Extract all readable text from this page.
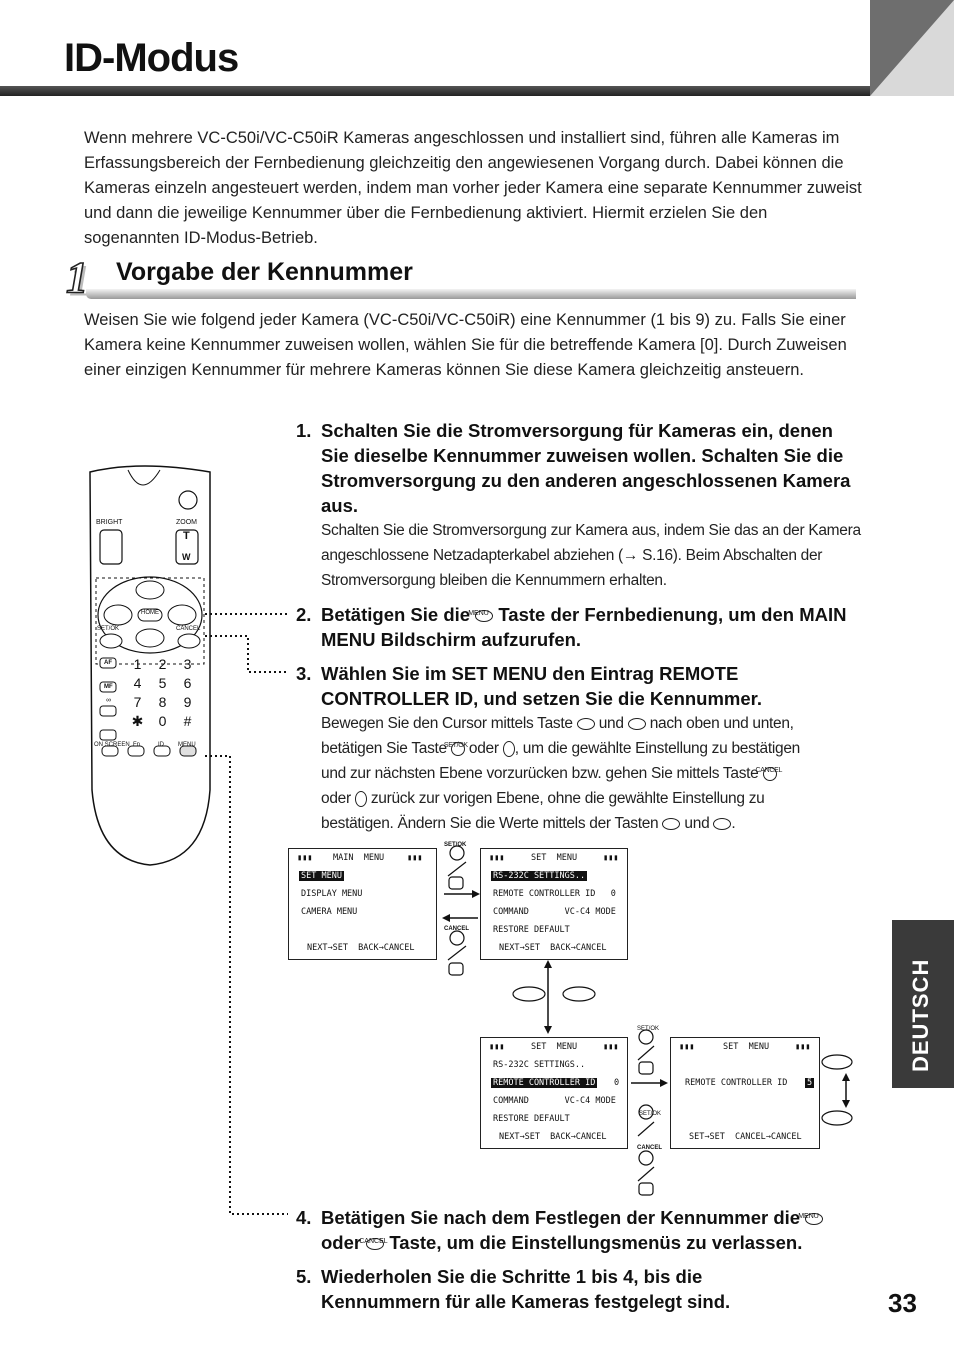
ID-Modus
Wenn mehrere VC-C50i/VC-C50iR Kameras angeschlossen und installiert sind, führen alle Kameras im Erfassungsbereich der Fernbedienung gleichzeitig den angewiesenen Vorgang durch. Dabei können die Kameras einzeln angesteuert werden, indem man vorher jeder Kamera eine separate Kennummer zuweist und dann die jeweilige Kennummer über die Fernbedienung aktiviert. Hiermit erzielen Sie den sogenannten ID-Modus-Betrieb.
1 Vorgabe der Kennummer
Weisen Sie wie folgend jeder Kamera (VC-C50i/VC-C50iR) eine Kennummer (1 bis 9) zu. Falls Sie einer Kamera keine Kennummer zuweisen wollen, wählen Sie für die betreffende Kamera [0]. Durch Zuweisen einer einzigen Kennummer für mehrere Kameras können Sie diese Kamera gleichzeitig ansteuern.
1. Schalten Sie die Stromversorgung für Kameras ein, denen Sie dieselbe Kennummer zuweisen wollen. Schalten Sie die Stromversorgung zu den anderen angeschlossenen Kamera aus.
Schalten Sie die Stromversorgung zur Kamera aus, indem Sie das an der Kamera angeschlossene Netzadapterkabel abziehen (→ S.16). Beim Abschalten der Stromversorgung bleiben die Kennummern erhalten.
2. Betätigen Sie die
MENU Taste der Fernbedienung, um den MAIN MENU Bildschirm aufzurufen.
3. Wählen Sie im SET MENU den Eintrag REMOTE CONTROLLER ID, und setzen Sie die Kennummer.
Bewegen Sie den Cursor mittels Taste und nach oben und unten,
betätigen Sie Taste
SET/OK oder , um die gewählte Einstellung zu bestätigen
und zur nächsten Ebene vorzurücken bzw. gehen Sie mittels Taste
CANCEL

oder zurück zur vorigen Ebene, ohne die gewählte Einstellung zu
bestätigen. Ändern Sie die Werte mittels der Tasten und .
4. Betätigen Sie nach dem Festlegen der Kennummer die
MENU

oder
CANCEL Taste, um die Einstellungsmenüs zu verlassen.
5. Wiederholen Sie die Schritte 1 bis 4, bis die Kennummern für alle Kameras festgelegt sind.
BRIGHT	ZOOM
T
W
HOME
SET/OK	CANCEL
AF
MF
∞
1	2	3
4	5	6
7	8	9
✱	0	#
ON SCREEN Fn	ID MENU
▮▮▮ MAIN  MENU	▮▮▮
SET MENU
DISPLAY MENU
CAMERA MENU
NEXT→SET  BACK→CANCEL
▮▮▮	SET  MENU	▮▮▮
RS-232C SETTINGS..
REMOTE CONTROLLER ID   0
COMMAND       VC-C4 MODE
RESTORE DEFAULT
NEXT→SET  BACK→CANCEL
▮▮▮	SET  MENU	▮▮▮
RS-232C SETTINGS..
REMOTE CONTROLLER ID 0
COMMAND       VC-C4 MODE
RESTORE DEFAULT
NEXT→SET  BACK→CANCEL
▮▮▮	SET  MENU	▮▮▮
REMOTE CONTROLLER ID 5
SET→SET  CANCEL→CANCEL
SET/OK
CANCEL
SET/OK
SET/OK
CANCEL
DEUTSCH
33
